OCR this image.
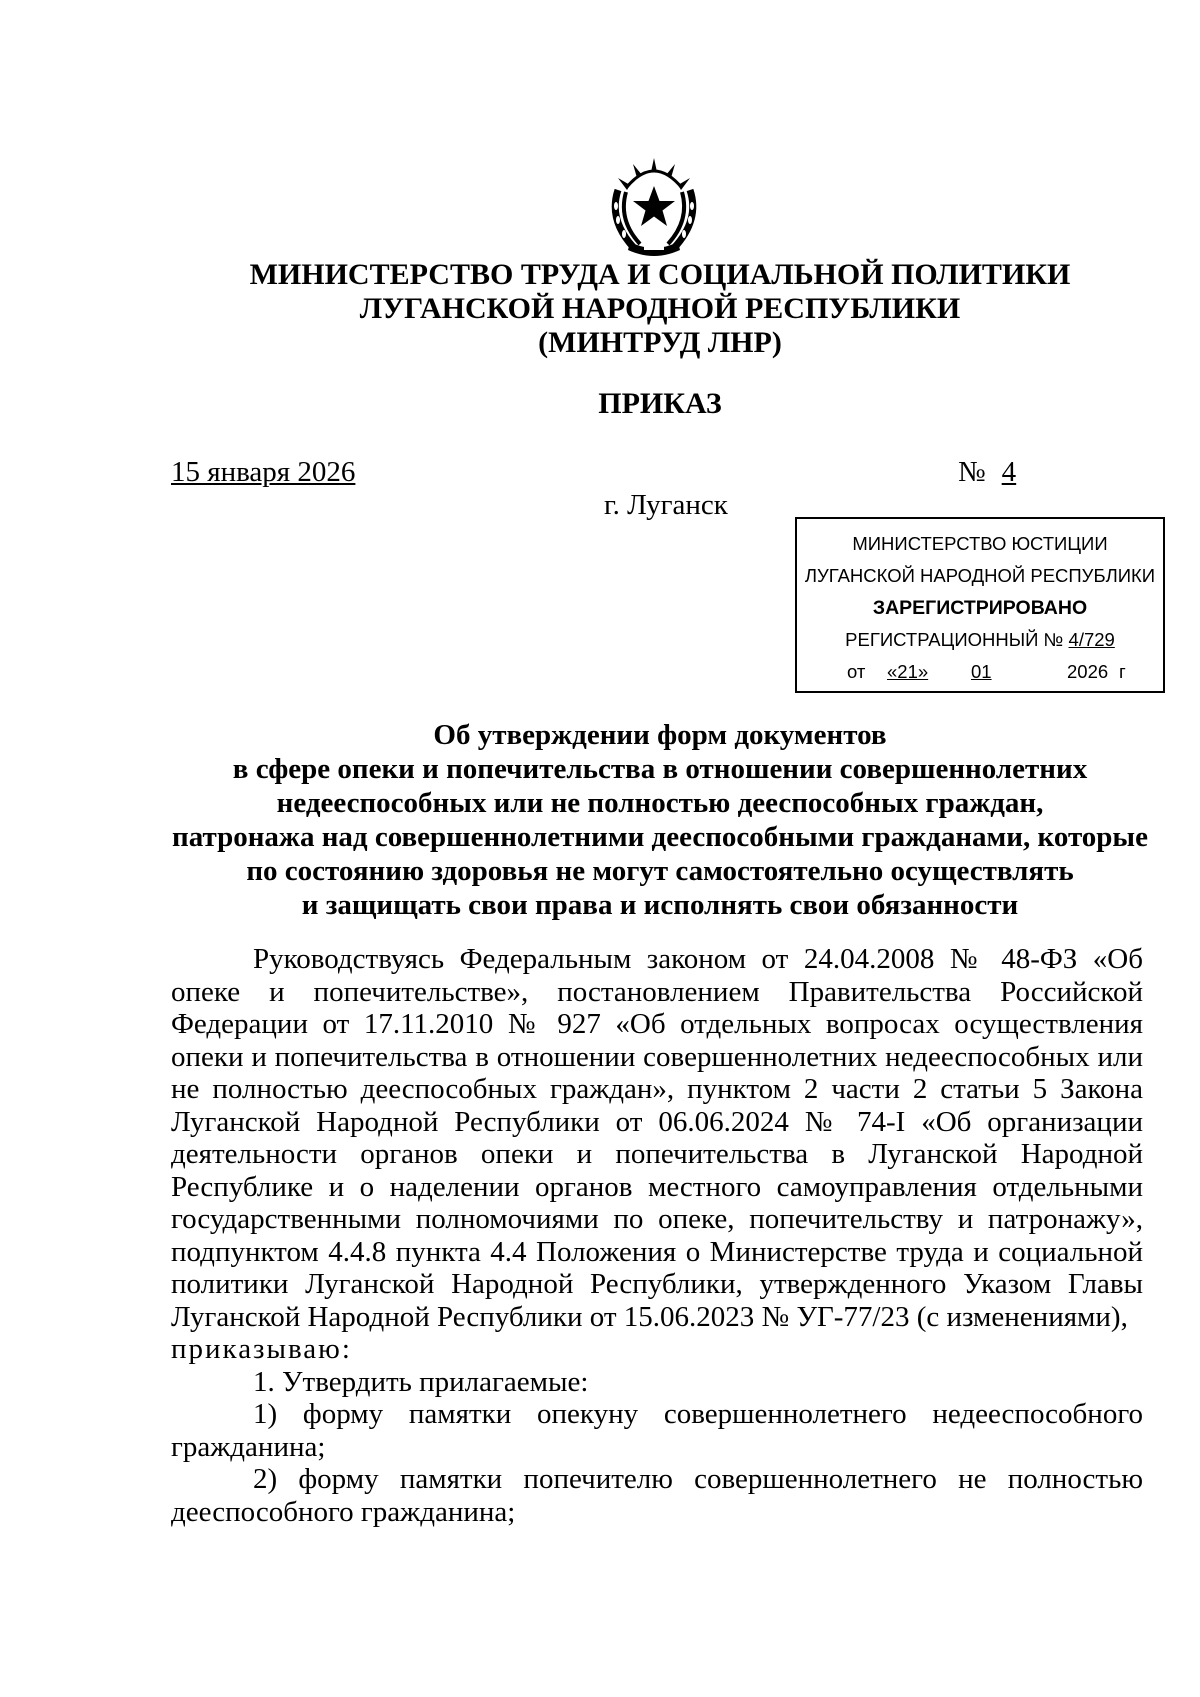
МИНИСТЕРСТВО ТРУДА И СОЦИАЛЬНОЙ ПОЛИТИКИ
ЛУГАНСКОЙ НАРОДНОЙ РЕСПУБЛИКИ
(МИНТРУД ЛНР)
ПРИКАЗ
15 января 2026	№ 4
г. Луганск
МИНИСТЕРСТВО ЮСТИЦИИ
ЛУГАНСКОЙ НАРОДНОЙ РЕСПУБЛИКИ
ЗАРЕГИСТРИРОВАНО
РЕГИСТРАЦИОННЫЙ № 4/729
от «21»	01	2026 г
Об утверждении форм документов
в сфере опеки и попечительства в отношении совершеннолетних
недееспособных или не полностью дееспособных граждан,
патронажа над совершеннолетними дееспособными гражданами, которые
по состоянию здоровья не могут самостоятельно осуществлять
и защищать свои права и исполнять свои обязанности

Руководствуясь Федеральным законом от 24.04.2008 № 48-ФЗ «Об опеке и попечительстве», постановлением Правительства Российской Федерации от 17.11.2010 № 927 «Об отдельных вопросах осуществления опеки и попечительства в отношении совершеннолетних недееспособных или не полностью дееспособных граждан», пунктом 2 части 2 статьи 5 Закона Луганской Народной Республики от 06.06.2024 № 74-I «Об организации деятельности органов опеки и попечительства в Луганской Народной Республике и о наделении органов местного самоуправления отдельными государственными полномочиями по опеке, попечительству и патронажу», подпунктом 4.4.8 пункта 4.4 Положения о Министерстве труда и социальной политики Луганской Народной Республики, утвержденного Указом Главы Луганской Народной Республики от 15.06.2023 № УГ-77/23 (с изменениями),

приказываю:

1. Утвердить прилагаемые:

1) форму памятки опекуну совершеннолетнего недееспособного гражданина;

2) форму памятки попечителю совершеннолетнего не полностью дееспособного гражданина;
